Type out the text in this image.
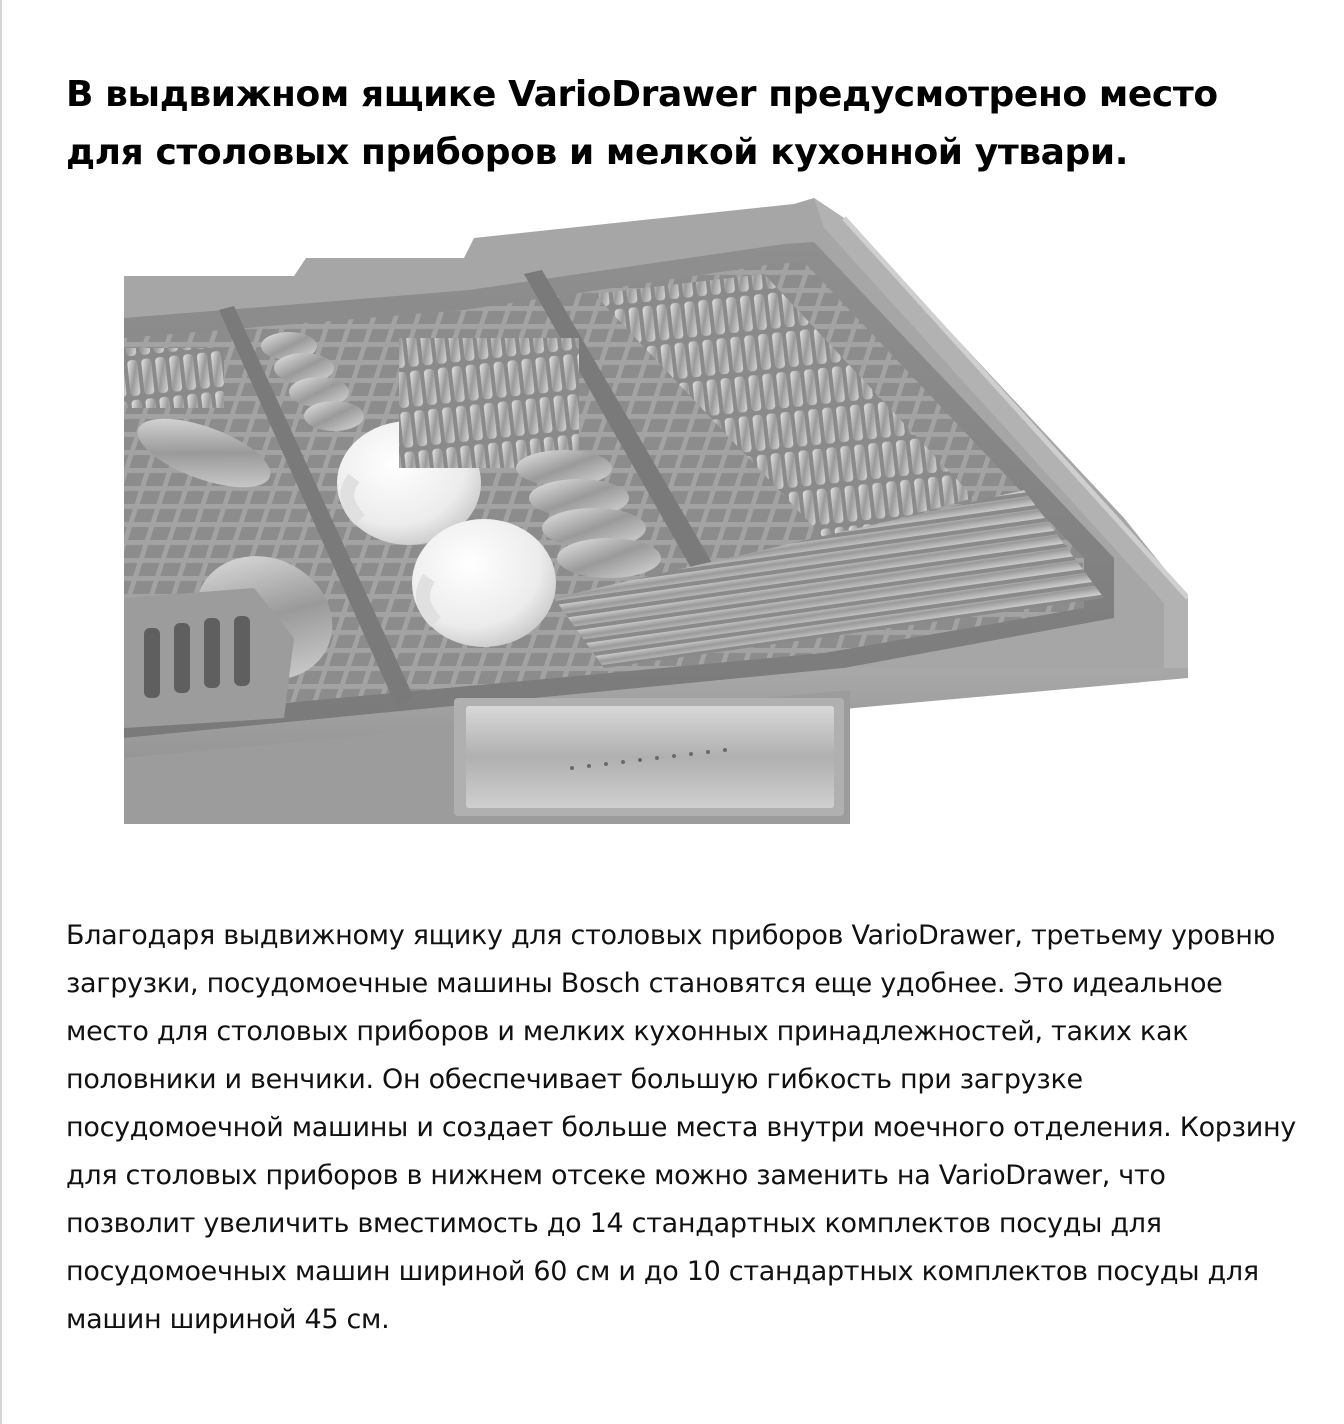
В выдвижном ящике VarioDrawer предусмотрено место для столовых приборов и мелкой кухонной утвари.

Благодаря выдвижному ящику для столовых приборов VarioDrawer, третьему уровню загрузки, посудомоечные машины Bosch становятся еще удобнее. Это идеальное место для столовых приборов и мелких кухонных принадлежностей, таких как половники и венчики. Он обеспечивает большую гибкость при загрузке посудомоечной машины и создает больше места внутри моечного отделения. Корзину для столовых приборов в нижнем отсеке можно заменить на VarioDrawer, что позволит увеличить вместимость до 14 стандартных комплектов посуды для посудомоечных машин шириной 60 см и до 10 стандартных комплектов посуды для машин шириной 45 см.
